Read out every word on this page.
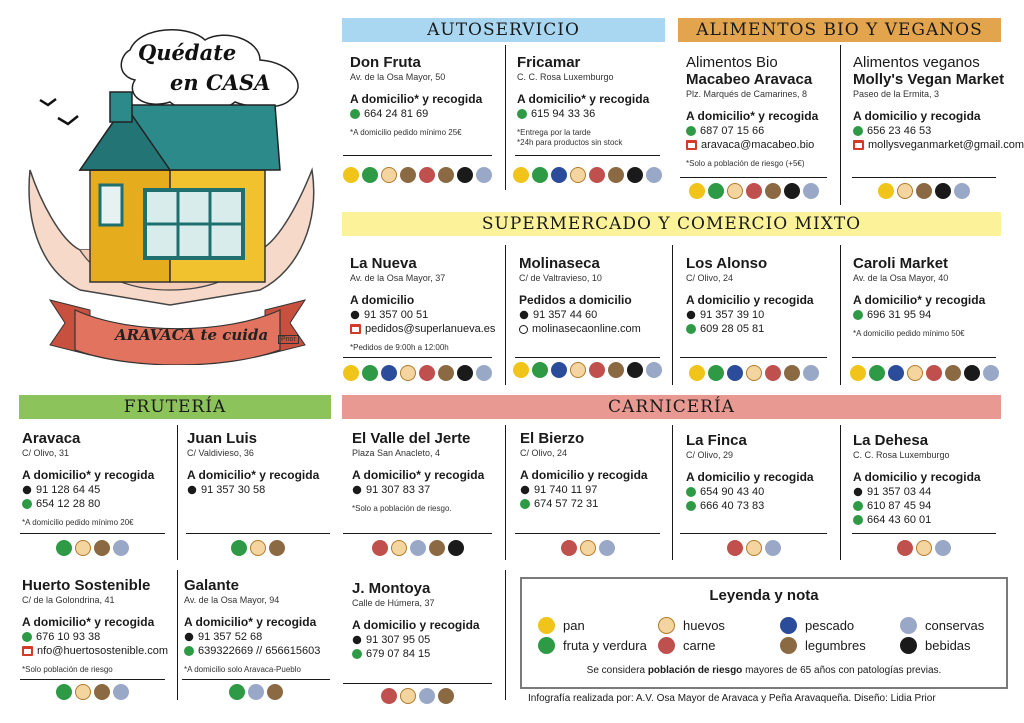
Quédate
en CASA
ARAVACA te cuida	Prior
AUTOSERVICIO	ALIMENTOS BIO Y VEGANOS
SUPERMERCADO Y COMERCIO MIXTO
FRUTERÍA	CARNICERÍA
Don Fruta
Av. de la Osa Mayor, 50
A domicilio* y recogida
664 24 81 69
*A domicilio pedido mínimo 25€
Fricamar
C. C. Rosa Luxemburgo
A domicilio* y recogida
615 94 33 36
*Entrega por la tarde
*24h para productos sin stock
Alimentos Bio
Macabeo Aravaca
Plz. Marqués de Camarines, 8
A domicilio* y recogida
687 07 15 66
aravaca@macabeo.bio
*Solo a población de riesgo (+5€)
Alimentos veganos
Molly's Vegan Market
Paseo de la Ermita, 3
A domicilio y recogida
656 23 46 53
mollysveganmarket@gmail.com
La Nueva
Av. de la Osa Mayor, 37
A domicilio
91 357 00 51
pedidos@superlanueva.es
*Pedidos de 9:00h a 12:00h
Molinaseca
C/ de Valtravieso, 10
Pedidos a domicilio
91 357 44 60
molinasecaonline.com
Los Alonso
C/ Olivo, 24
A domicilio y recogida
91 357 39 10
609 28 05 81
Caroli Market
Av. de la Osa Mayor, 40
A domicilio* y recogida
696 31 95 94
*A domicilio pedido mínimo 50€
Aravaca
C/ Olivo, 31
A domicilio* y recogida
91 128 64 45
654 12 28 80
*A domicilio pedido mínimo 20€
Juan Luis
C/ Valdivieso, 36
A domicilio* y recogida
91 357 30 58
El Valle del Jerte
Plaza San Anacleto, 4
A domicilio* y recogida
91 307 83 37
*Solo a población de riesgo.
El Bierzo
C/ Olivo, 24
A domicilio y recogida
91 740 11 97
674 57 72 31
La Finca
C/ Olivo, 29
A domicilio y recogida
654 90 43 40
666 40 73 83
La Dehesa
C. C. Rosa Luxemburgo
A domicilio y recogida
91 357 03 44
610 87 45 94
664 43 60 01
Huerto Sostenible
C/ de la Golondrina, 41
A domicilio* y recogida
676 10 93 38
nfo@huertosostenible.com
*Solo población de riesgo
Galante
Av. de la Osa Mayor, 94
A domicilio* y recogida
91 357 52 68
639322669 // 656615603
*A domicilio solo Aravaca-Pueblo
J. Montoya
Calle de Húmera, 37
A domicilio y recogida
91 307 95 05
679 07 84 15
Leyenda y nota
pan	huevos	pescado	conservas
fruta y verdura	carne	legumbres	bebidas
Se considera población de riesgo mayores de 65 años con patologías previas.
Infografía realizada por: A.V. Osa Mayor de Aravaca y Peña Aravaqueña. Diseño: Lidia Prior
